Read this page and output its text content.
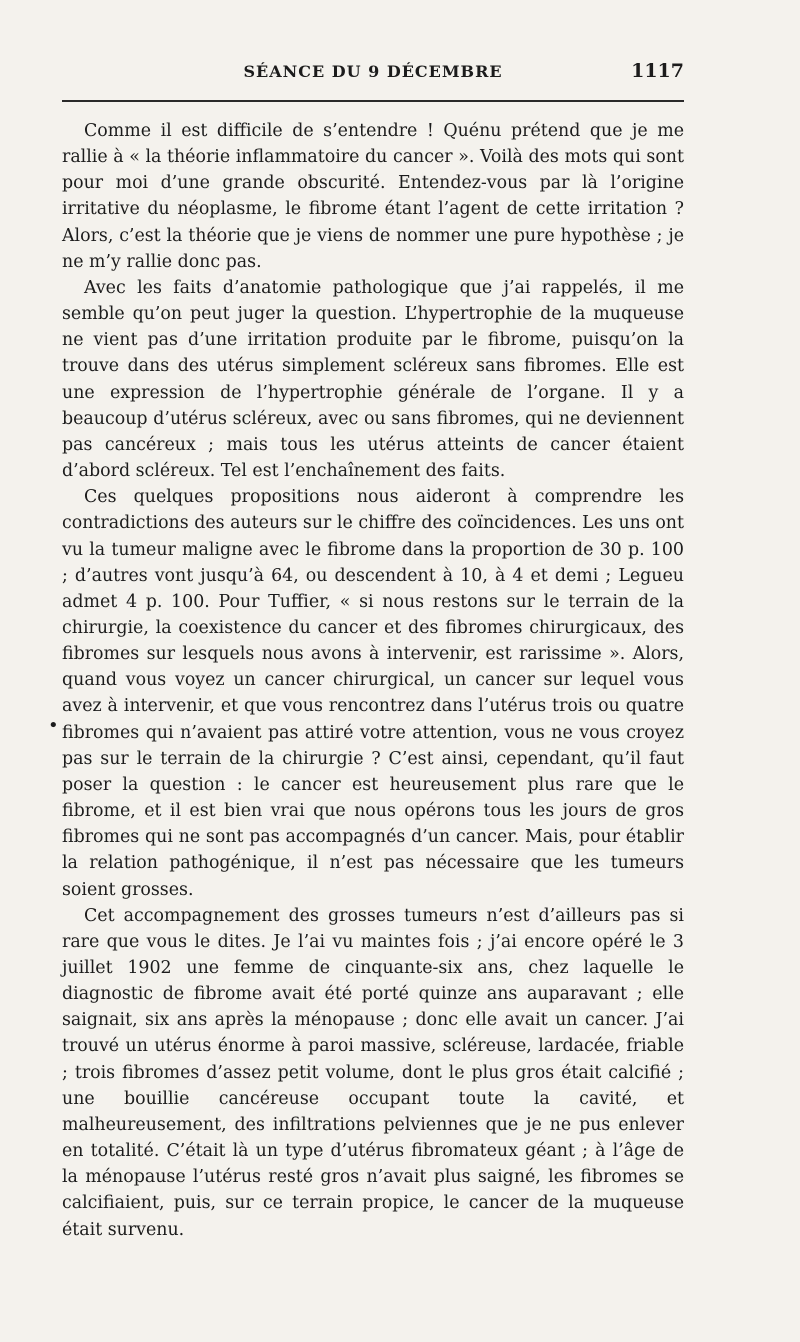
SÉANCE DU 9 DÉCEMBRE	1117
•

Comme il est difficile de s’entendre ! Quénu prétend que je me rallie à « la théorie inflammatoire du cancer ». Voilà des mots qui sont pour moi d’une grande obscurité. Entendez-vous par là l’origine irritative du néoplasme, le fibrome étant l’agent de cette irritation ? Alors, c’est la théorie que je viens de nommer une pure hypothèse ; je ne m’y rallie donc pas.

Avec les faits d’anatomie pathologique que j’ai rappelés, il me semble qu’on peut juger la question. L’hypertrophie de la muqueuse ne vient pas d’une irritation produite par le fibrome, puisqu’on la trouve dans des utérus simplement scléreux sans fibromes. Elle est une expression de l’hypertrophie générale de l’organe. Il y a beaucoup d’utérus scléreux, avec ou sans fibromes, qui ne deviennent pas cancéreux ; mais tous les utérus atteints de cancer étaient d’abord scléreux. Tel est l’enchaînement des faits.

Ces quelques propositions nous aideront à comprendre les contradictions des auteurs sur le chiffre des coïncidences. Les uns ont vu la tumeur maligne avec le fibrome dans la proportion de 30 p. 100 ; d’autres vont jusqu’à 64, ou descendent à 10, à 4 et demi ; Legueu admet 4 p. 100. Pour Tuffier, « si nous restons sur le terrain de la chirurgie, la coexistence du cancer et des fibromes chirurgicaux, des fibromes sur lesquels nous avons à intervenir, est rarissime ». Alors, quand vous voyez un cancer chirurgical, un cancer sur lequel vous avez à intervenir, et que vous rencontrez dans l’utérus trois ou quatre fibromes qui n’avaient pas attiré votre attention, vous ne vous croyez pas sur le terrain de la chirurgie ? C’est ainsi, cependant, qu’il faut poser la question : le cancer est heureusement plus rare que le fibrome, et il est bien vrai que nous opérons tous les jours de gros fibromes qui ne sont pas accompagnés d’un cancer. Mais, pour établir la relation pathogénique, il n’est pas nécessaire que les tumeurs soient grosses.

Cet accompagnement des grosses tumeurs n’est d’ailleurs pas si rare que vous le dites. Je l’ai vu maintes fois ; j’ai encore opéré le 3 juillet 1902 une femme de cinquante-six ans, chez laquelle le diagnostic de fibrome avait été porté quinze ans auparavant ; elle saignait, six ans après la ménopause ; donc elle avait un cancer. J’ai trouvé un utérus énorme à paroi massive, scléreuse, lardacée, friable ; trois fibromes d’assez petit volume, dont le plus gros était calcifié ; une bouillie cancéreuse occupant toute la cavité, et malheureusement, des infiltrations pelviennes que je ne pus enlever en totalité. C’était là un type d’utérus fibromateux géant ; à l’âge de la ménopause l’utérus resté gros n’avait plus saigné, les fibromes se calcifiaient, puis, sur ce terrain propice, le cancer de la muqueuse était survenu.
